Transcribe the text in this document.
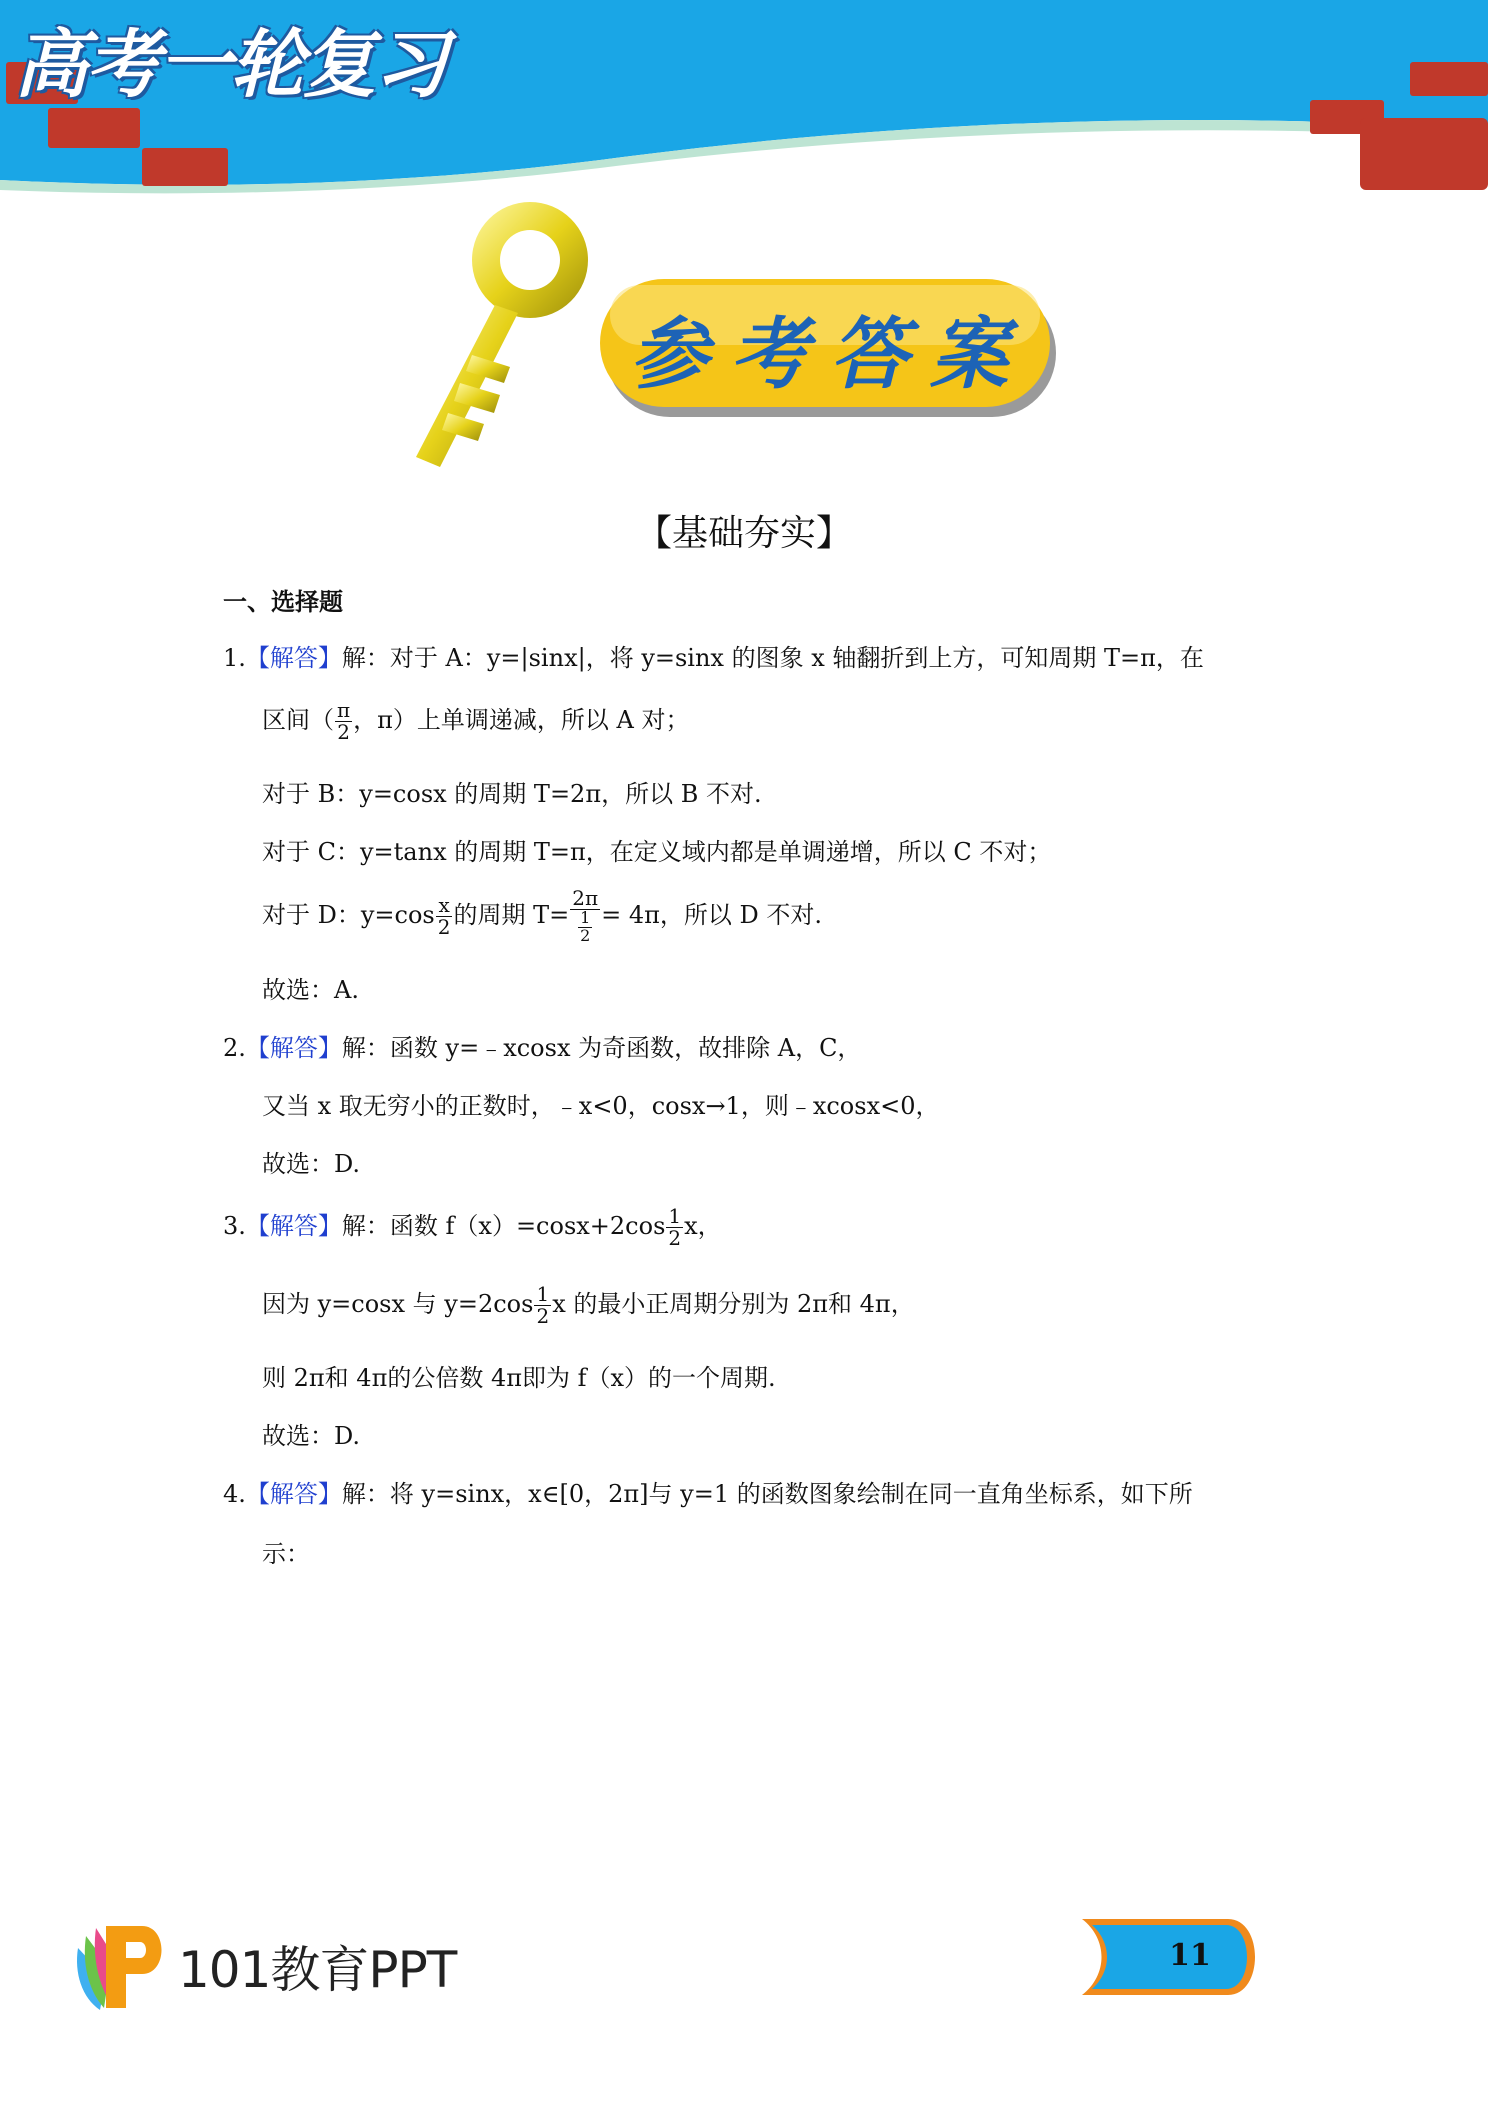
高考一轮复习
参考答案
【基础夯实】
一、选择题
1.【解答】解：对于 A：y=|sinx|，将 y=sinx 的图象 x 轴翻折到上方，可知周期 T=π，在
区间（ $\frac{\pi}{2}$ ，π）上单调递减，所以 A 对；
对于 B：y=cosx 的周期 T=2π，所以 B 不对.
对于 C：y=tanx 的周期 T=π，在定义域内都是单调递增，所以 C 不对；
对于 D：$y=\cos \frac{x}{2}$ 的周期 $T= \frac{2\pi}{\frac{1}{2}} = 4\pi$，所以 D 不对.
故选：A.
2.【解答】解：函数 y=﹣xcosx 为奇函数，故排除 A，C，
又当 x 取无穷小的正数时，﹣x<0，cosx→1，则﹣xcosx<0，
故选：D.
3.【解答】解：函数 $f(x)=\cos x+2\cos \frac{1}{2}$ x，
因为 y=cosx 与 $y=2\cos \frac{1}{2}$ x 的最小正周期分别为 2π和 4π，
则 2π和 4π的公倍数 4π即为 f（x）的一个周期.
故选：D.
4.【解答】解：将 y=sinx，x∈[0，2π]与 y=1 的函数图象绘制在同一直角坐标系，如下所
示：
101教育PPT	11
